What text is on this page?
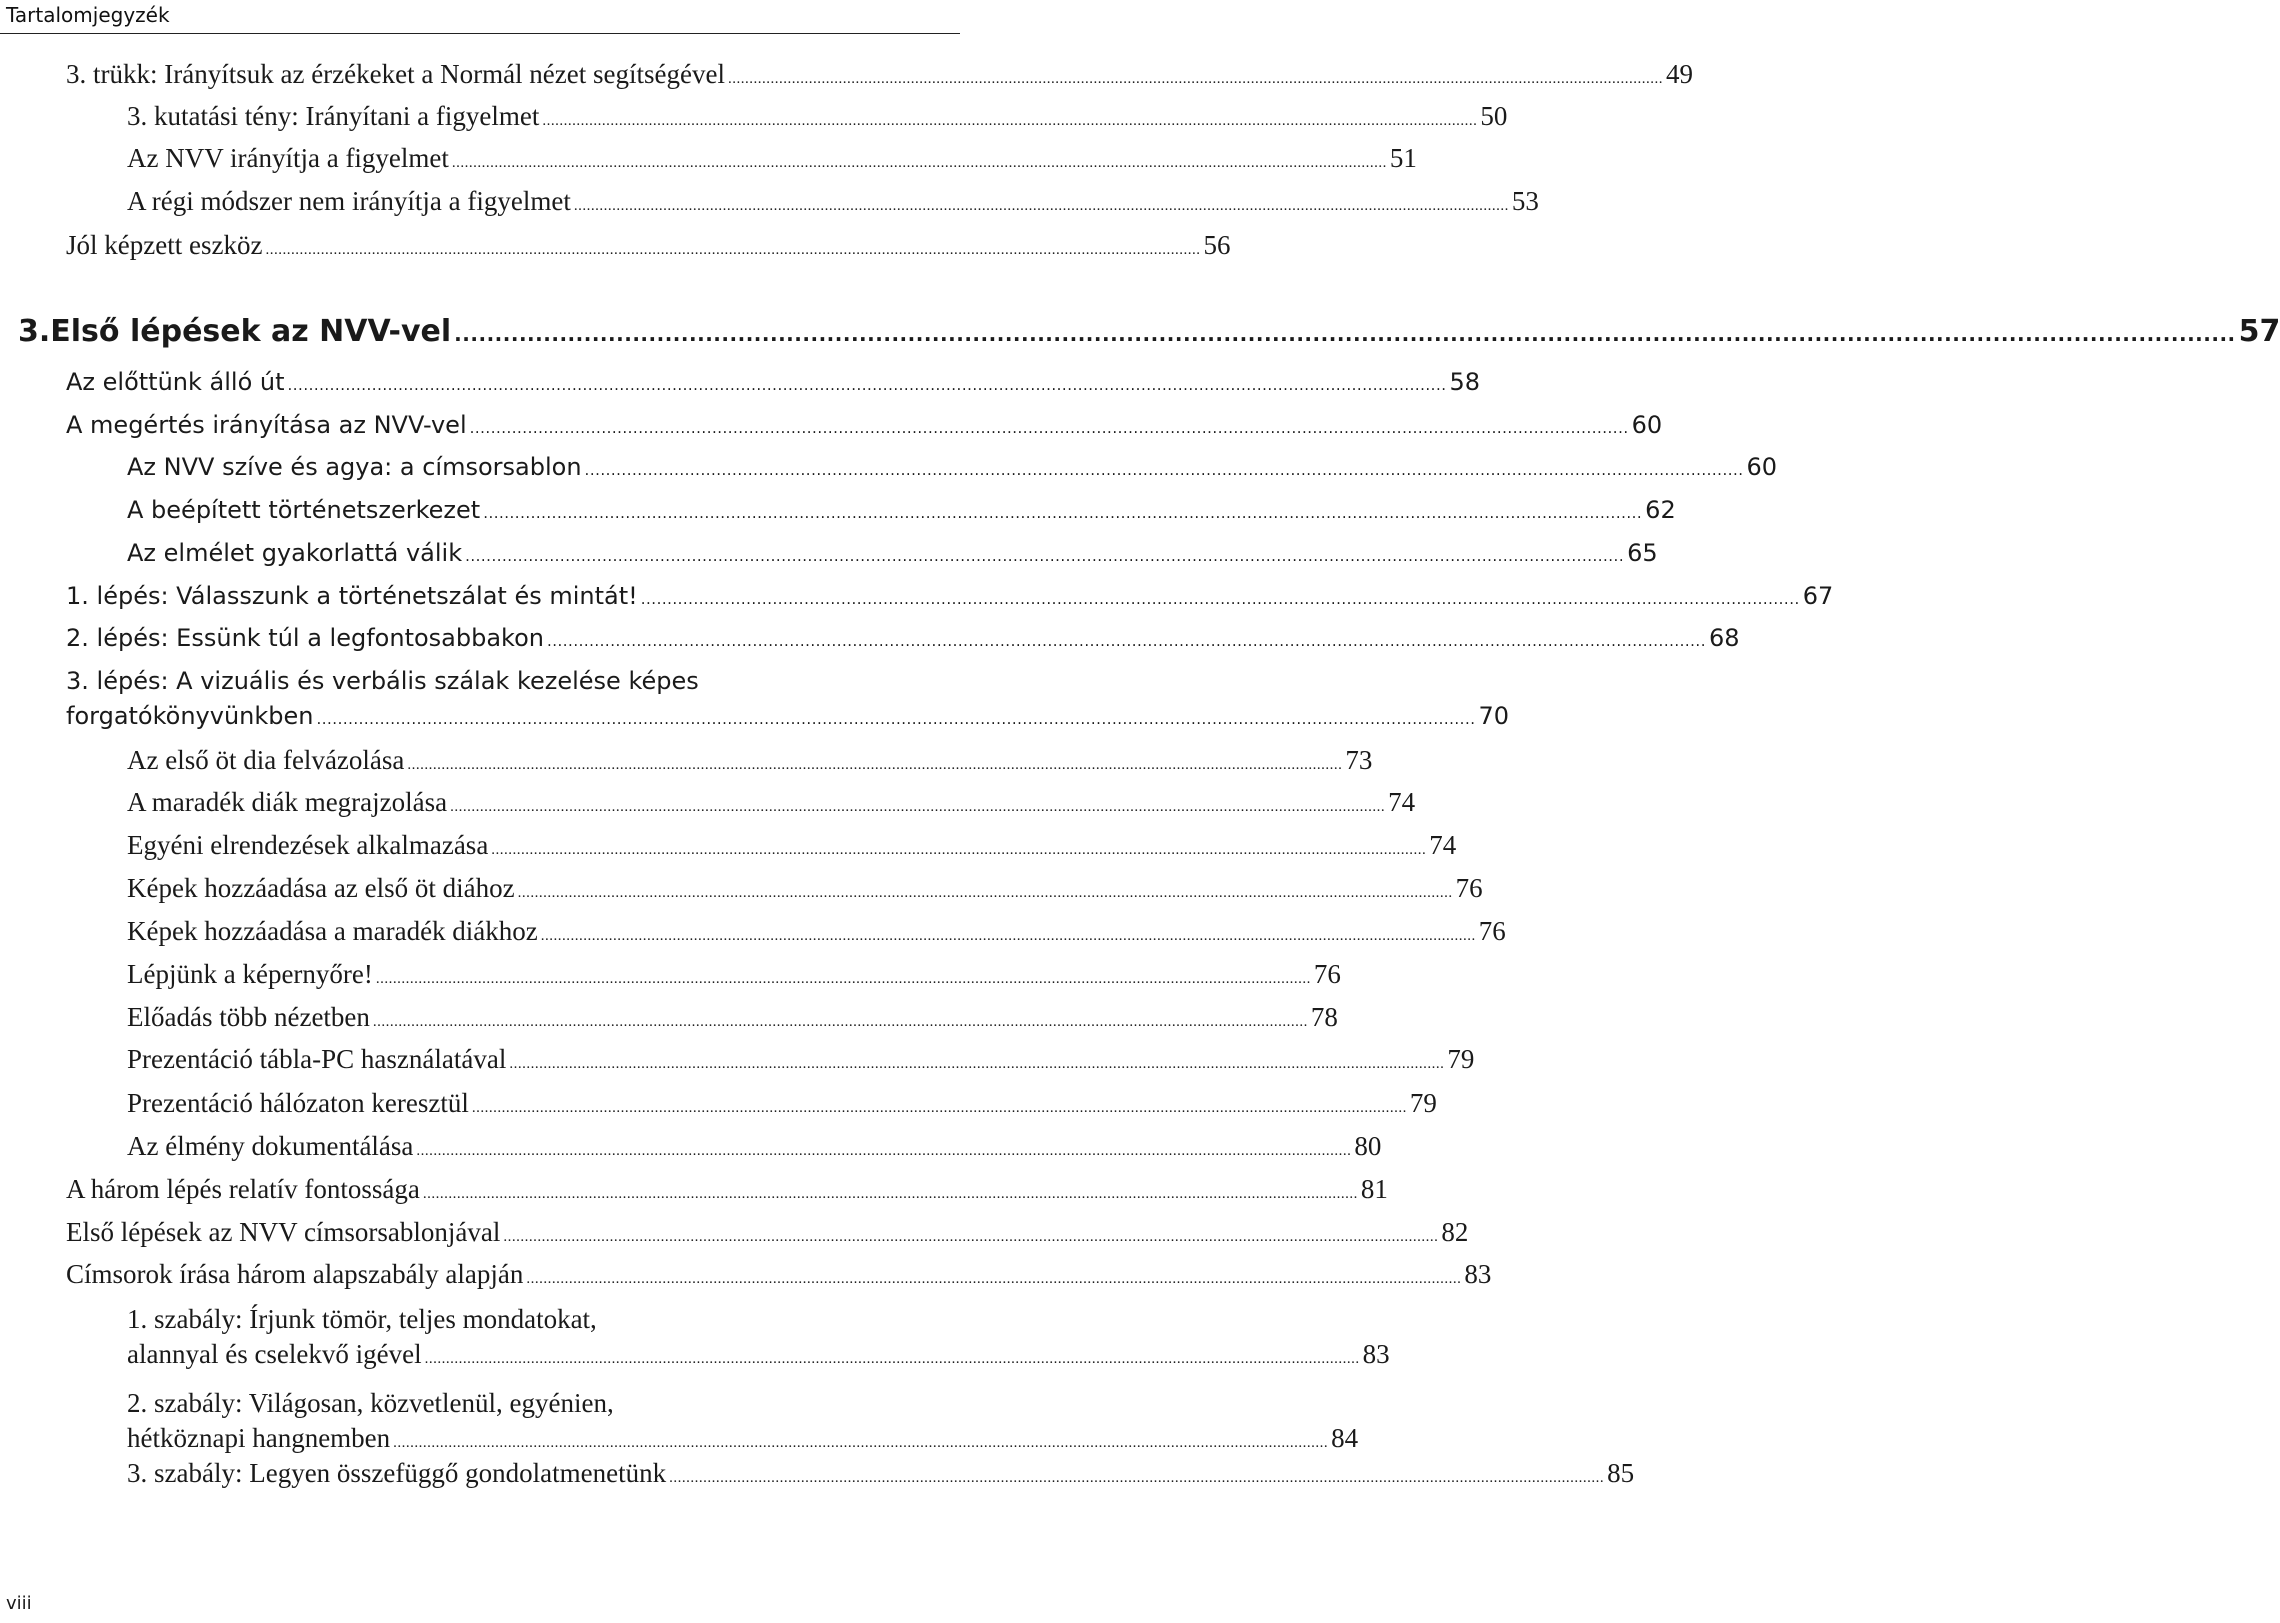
Tartalomjegyzék
3. trükk: Irányítsuk az érzékeket a Normál nézet segítségével ............................................................................................................................................................................................................................ 49
3. kutatási tény: Irányítani a figyelmet ............................................................................................................................................................................................................................ 50
Az NVV irányítja a figyelmet ............................................................................................................................................................................................................................ 51
A régi módszer nem irányítja a figyelmet ............................................................................................................................................................................................................................ 53
Jól képzett eszköz ............................................................................................................................................................................................................................ 56
3. Első lépések az NVV-vel ............................................................................................................................................................................................................................ 57
Az előttünk álló út ............................................................................................................................................................................................................................ 58
A megértés irányítása az NVV-vel ............................................................................................................................................................................................................................ 60
Az NVV szíve és agya: a címsorsablon ............................................................................................................................................................................................................................ 60
A beépített történetszerkezet ............................................................................................................................................................................................................................ 62
Az elmélet gyakorlattá válik ............................................................................................................................................................................................................................ 65
1. lépés: Válasszunk a történetszálat és mintát! ............................................................................................................................................................................................................................ 67
2. lépés: Essünk túl a legfontosabbakon ............................................................................................................................................................................................................................ 68
3. lépés: A vizuális és verbális szálak kezelése képes
forgatókönyvünkben ............................................................................................................................................................................................................................ 70
Az első öt dia felvázolása ............................................................................................................................................................................................................................ 73
A maradék diák megrajzolása ............................................................................................................................................................................................................................ 74
Egyéni elrendezések alkalmazása ............................................................................................................................................................................................................................ 74
Képek hozzáadása az első öt diához ............................................................................................................................................................................................................................ 76
Képek hozzáadása a maradék diákhoz ............................................................................................................................................................................................................................ 76
Lépjünk a képernyőre! ............................................................................................................................................................................................................................ 76
Előadás több nézetben ............................................................................................................................................................................................................................ 78
Prezentáció tábla-PC használatával ............................................................................................................................................................................................................................ 79
Prezentáció hálózaton keresztül ............................................................................................................................................................................................................................ 79
Az élmény dokumentálása ............................................................................................................................................................................................................................ 80
A három lépés relatív fontossága ............................................................................................................................................................................................................................ 81
Első lépések az NVV címsorsablonjával ............................................................................................................................................................................................................................ 82
Címsorok írása három alapszabály alapján ............................................................................................................................................................................................................................ 83
1. szabály: Írjunk tömör, teljes mondatokat,
alannyal és cselekvő igével ............................................................................................................................................................................................................................ 83
2. szabály: Világosan, közvetlenül, egyénien,
hétköznapi hangnemben ............................................................................................................................................................................................................................ 84
3. szabály: Legyen összefüggő gondolatmenetünk ............................................................................................................................................................................................................................ 85
viii
